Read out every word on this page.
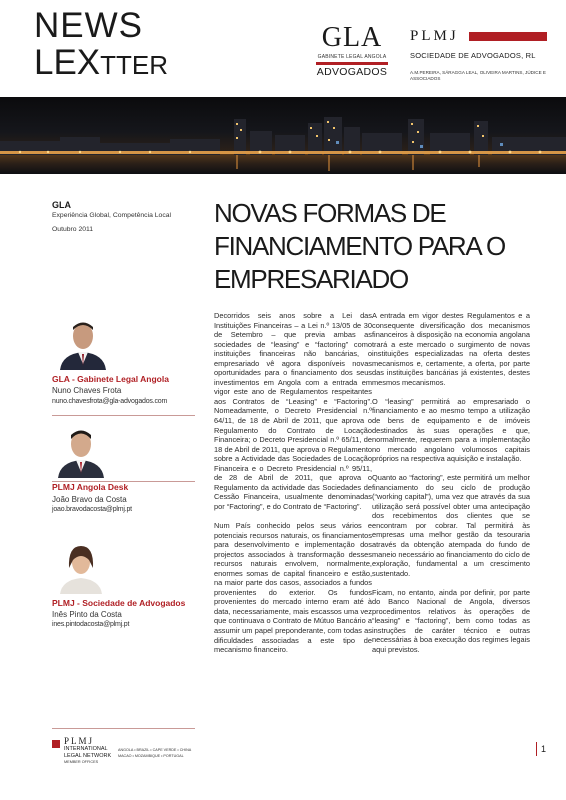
NEWS
LEXTTER
GLA
GABINETE LEGAL ANGOLA
ADVOGADOS
PLMJ
SOCIEDADE DE ADVOGADOS, RL
A.M.PEREIRA, SÁRAGGA LEAL, OLIVEIRA MARTINS, JÚDICE E ASSOCIADOS
GLA
Experiência Global, Competência Local
Outubro 2011
GLA - Gabinete Legal Angola
Nuno Chaves Frota
nuno.chavesfrota@gla-advogados.com
PLMJ Angola Desk
João Bravo da Costa
joao.bravodacosta@plmj.pt
PLMJ - Sociedade de Advogados
Inês Pinto da Costa
ines.pintodacosta@plmj.pt
PLMJ
INTERNATIONAL
LEGAL NETWORK
MEMBER OFFICES
ANGOLA • BRAZIL • CAPE VERDE • CHINA
MACAO • MOZAMBIQUE • PORTUGAL
NOVAS FORMAS DE FINANCIAMENTO PARA O EMPRESARIADO

Decorridos seis anos sobre a Lei das Instituições Financeiras – a Lei n.º 13/05 de 30 de Setembro – que previa ambas as sociedades de “leasing” e “factoring” como instituições financeiras não bancárias, o empresariado vê agora disponíveis novas oportunidades para o financiamento dos seus investimentos em Angola com a entrada em vigor este ano de Regulamentos respeitantes aos Contratos de “Leasing” e “Factoring”. Nomeadamente, o Decreto Presidencial n.º 64/11, de 18 de Abril de 2011, que aprova o Regulamento do Contrato de Locação Financeira; o Decreto Presidencial n.º 65/11, de 18 de Abril de 2011, que aprova o Regulamento sobre a Actividade das Sociedades de Locação Financeira e o Decreto Presidencial n.º 95/11, de 28 de Abril de 2011, que aprova o Regulamento da actividade das Sociedades de Cessão Financeira, usualmente denominadas por “Factoring”, e do Contrato de “Factoring”.

Num País conhecido pelos seus vários e potenciais recursos naturais, os financiamentos para desenvolvimento e implementação dos projectos associados à transformação desses recursos naturais envolvem, normalmente, enormes somas de capital financeiro e estão, na maior parte dos casos, associados a fundos provenientes do exterior. Os fundos provenientes do mercado interno eram até à data, necessariamente, mais escassos uma vez que continuava o Contrato de Mútuo Bancário a assumir um papel preponderante, com todas as dificuldades associadas a este tipo de mecanismo financeiro.

A entrada em vigor destes Regulamentos e a consequente diversificação dos mecanismos financeiros à disposição na economia angolana trará a este mercado o surgimento de novas instituições especializadas na oferta destes mecanismos e, certamente, a oferta, por parte das instituições bancárias já existentes, destes mesmos mecanismos.

O “leasing” permitirá ao empresariado o financiamento e ao mesmo tempo a utilização de bens de equipamento e de imóveis destinados às suas operações e que, normalmente, requerem para a implementação no mercado angolano volumosos capitais próprios na respectiva aquisição e instalação.

Quanto ao “factoring”, este permitirá um melhor financiamento do seu ciclo de produção (“working capital”), uma vez que através da sua utilização será possível obter uma antecipação dos recebimentos dos clientes que se encontram por cobrar. Tal permitirá às empresas uma melhor gestão da tesouraria através da obtenção atempada do fundo de maneio necessário ao financiamento do ciclo de exploração, fundamental a um crescimento sustentado.

Ficam, no entanto, ainda por definir, por parte do Banco Nacional de Angola, diversos procedimentos relativos às operações de “leasing” e “factoring”, bem como todas as instruções de caráter técnico e outras necessárias à boa execução dos regimes legais aqui previstos.

1
